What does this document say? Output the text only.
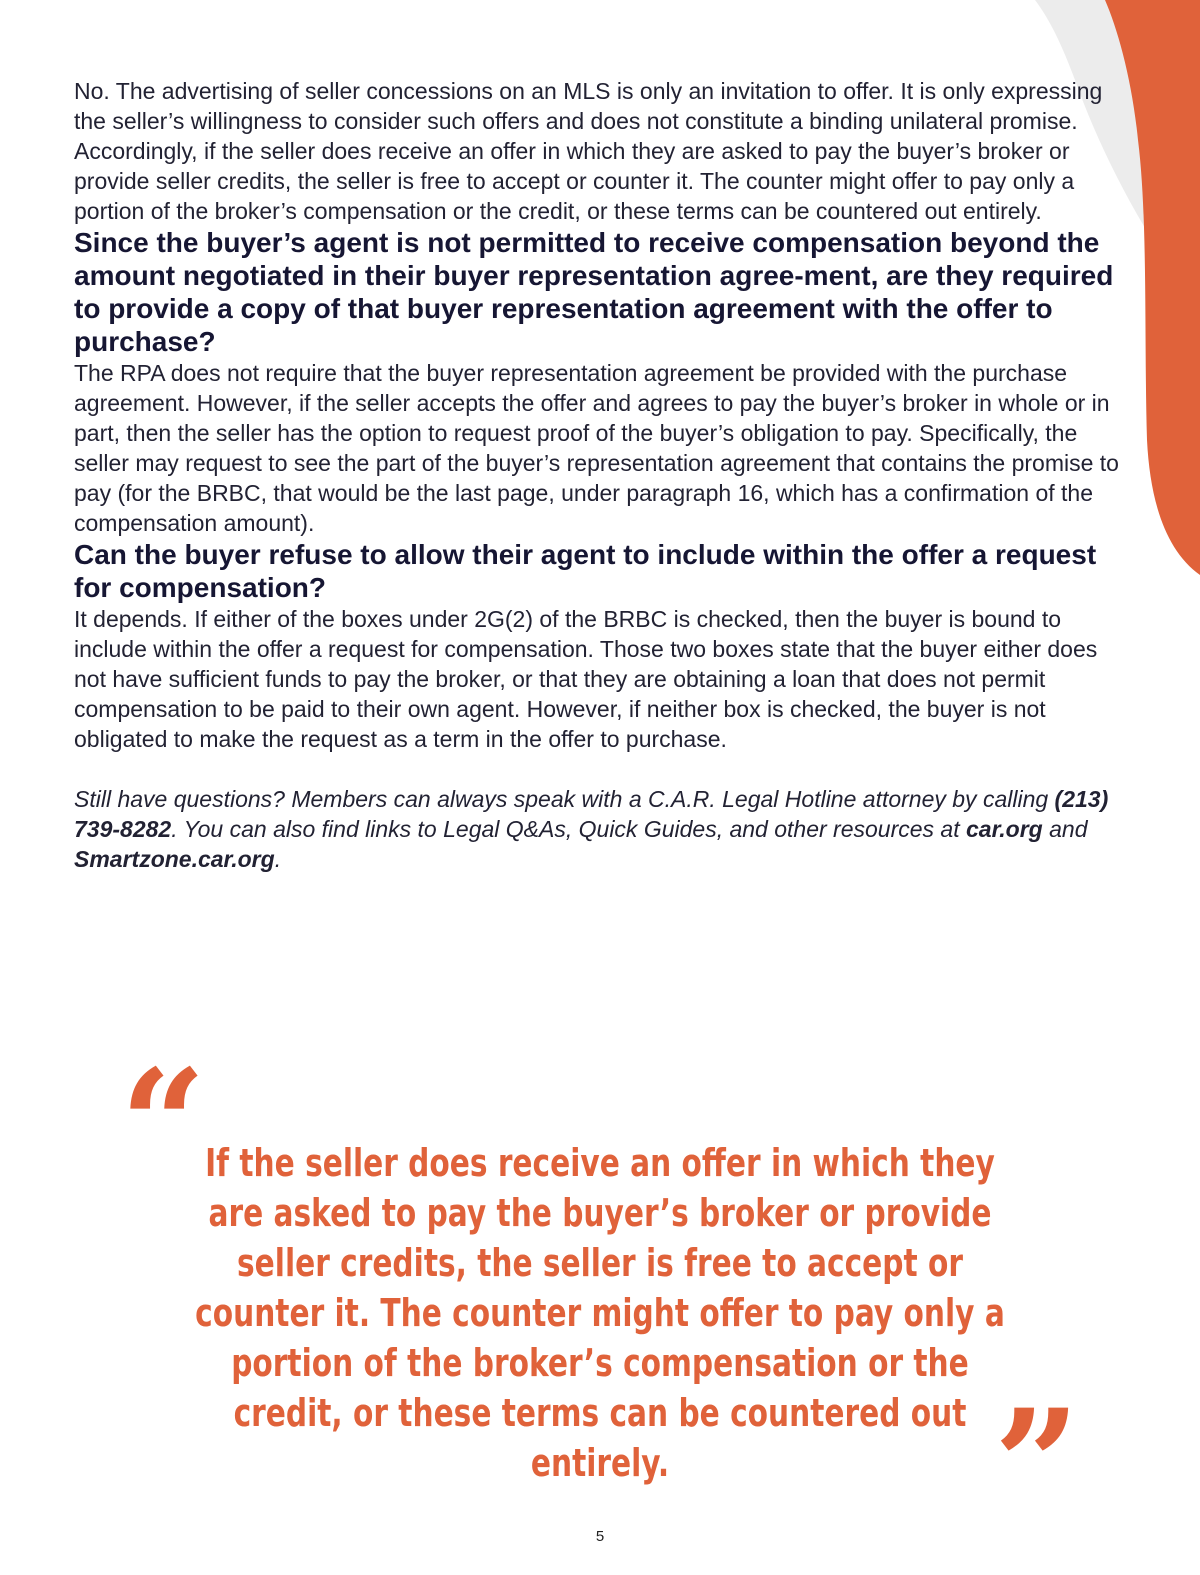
No. The advertising of seller concessions on an MLS is only an invitation to offer. It is only expressing the seller’s willingness to consider such offers and does not constitute a binding unilateral promise. Accordingly, if the seller does receive an offer in which they are asked to pay the buyer’s broker or provide seller credits, the seller is free to accept or counter it. The counter might offer to pay only a portion of the broker’s compensation or the credit, or these terms can be countered out entirely.

Since the buyer’s agent is not permitted to receive compensation beyond the amount negotiated in their buyer representation agree-ment, are they required to provide a copy of that buyer representation agreement with the offer to purchase?

The RPA does not require that the buyer representation agreement be provided with the purchase agreement. However, if the seller accepts the offer and agrees to pay the buyer’s broker in whole or in part, then the seller has the option to request proof of the buyer’s obligation to pay. Specifically, the seller may request to see the part of the buyer’s representation agreement that contains the promise to pay (for the BRBC, that would be the last page, under paragraph 16, which has a confirmation of the compensation amount).

Can the buyer refuse to allow their agent to include within the offer a request for compensation?

It depends. If either of the boxes under 2G(2) of the BRBC is checked, then the buyer is bound to include within the offer a request for compensation. Those two boxes state that the buyer either does not have sufficient funds to pay the broker, or that they are obtaining a loan that does not permit compensation to be paid to their own agent. However, if neither box is checked, the buyer is not obligated to make the request as a term in the offer to purchase.

Still have questions? Members can always speak with a C.A.R. Legal Hotline attorney by calling (213) 739-8282. You can also find links to Legal Q&As, Quick Guides, and other resources at car.org and Smartzone.car.org.

“

If the seller does receive an offer in which they are asked to pay the buyer’s broker or provide seller credits, the seller is free to accept or counter it. The counter might offer to pay only a portion of the broker’s compensation or the credit, or these terms can be countered out entirely.	”
5
